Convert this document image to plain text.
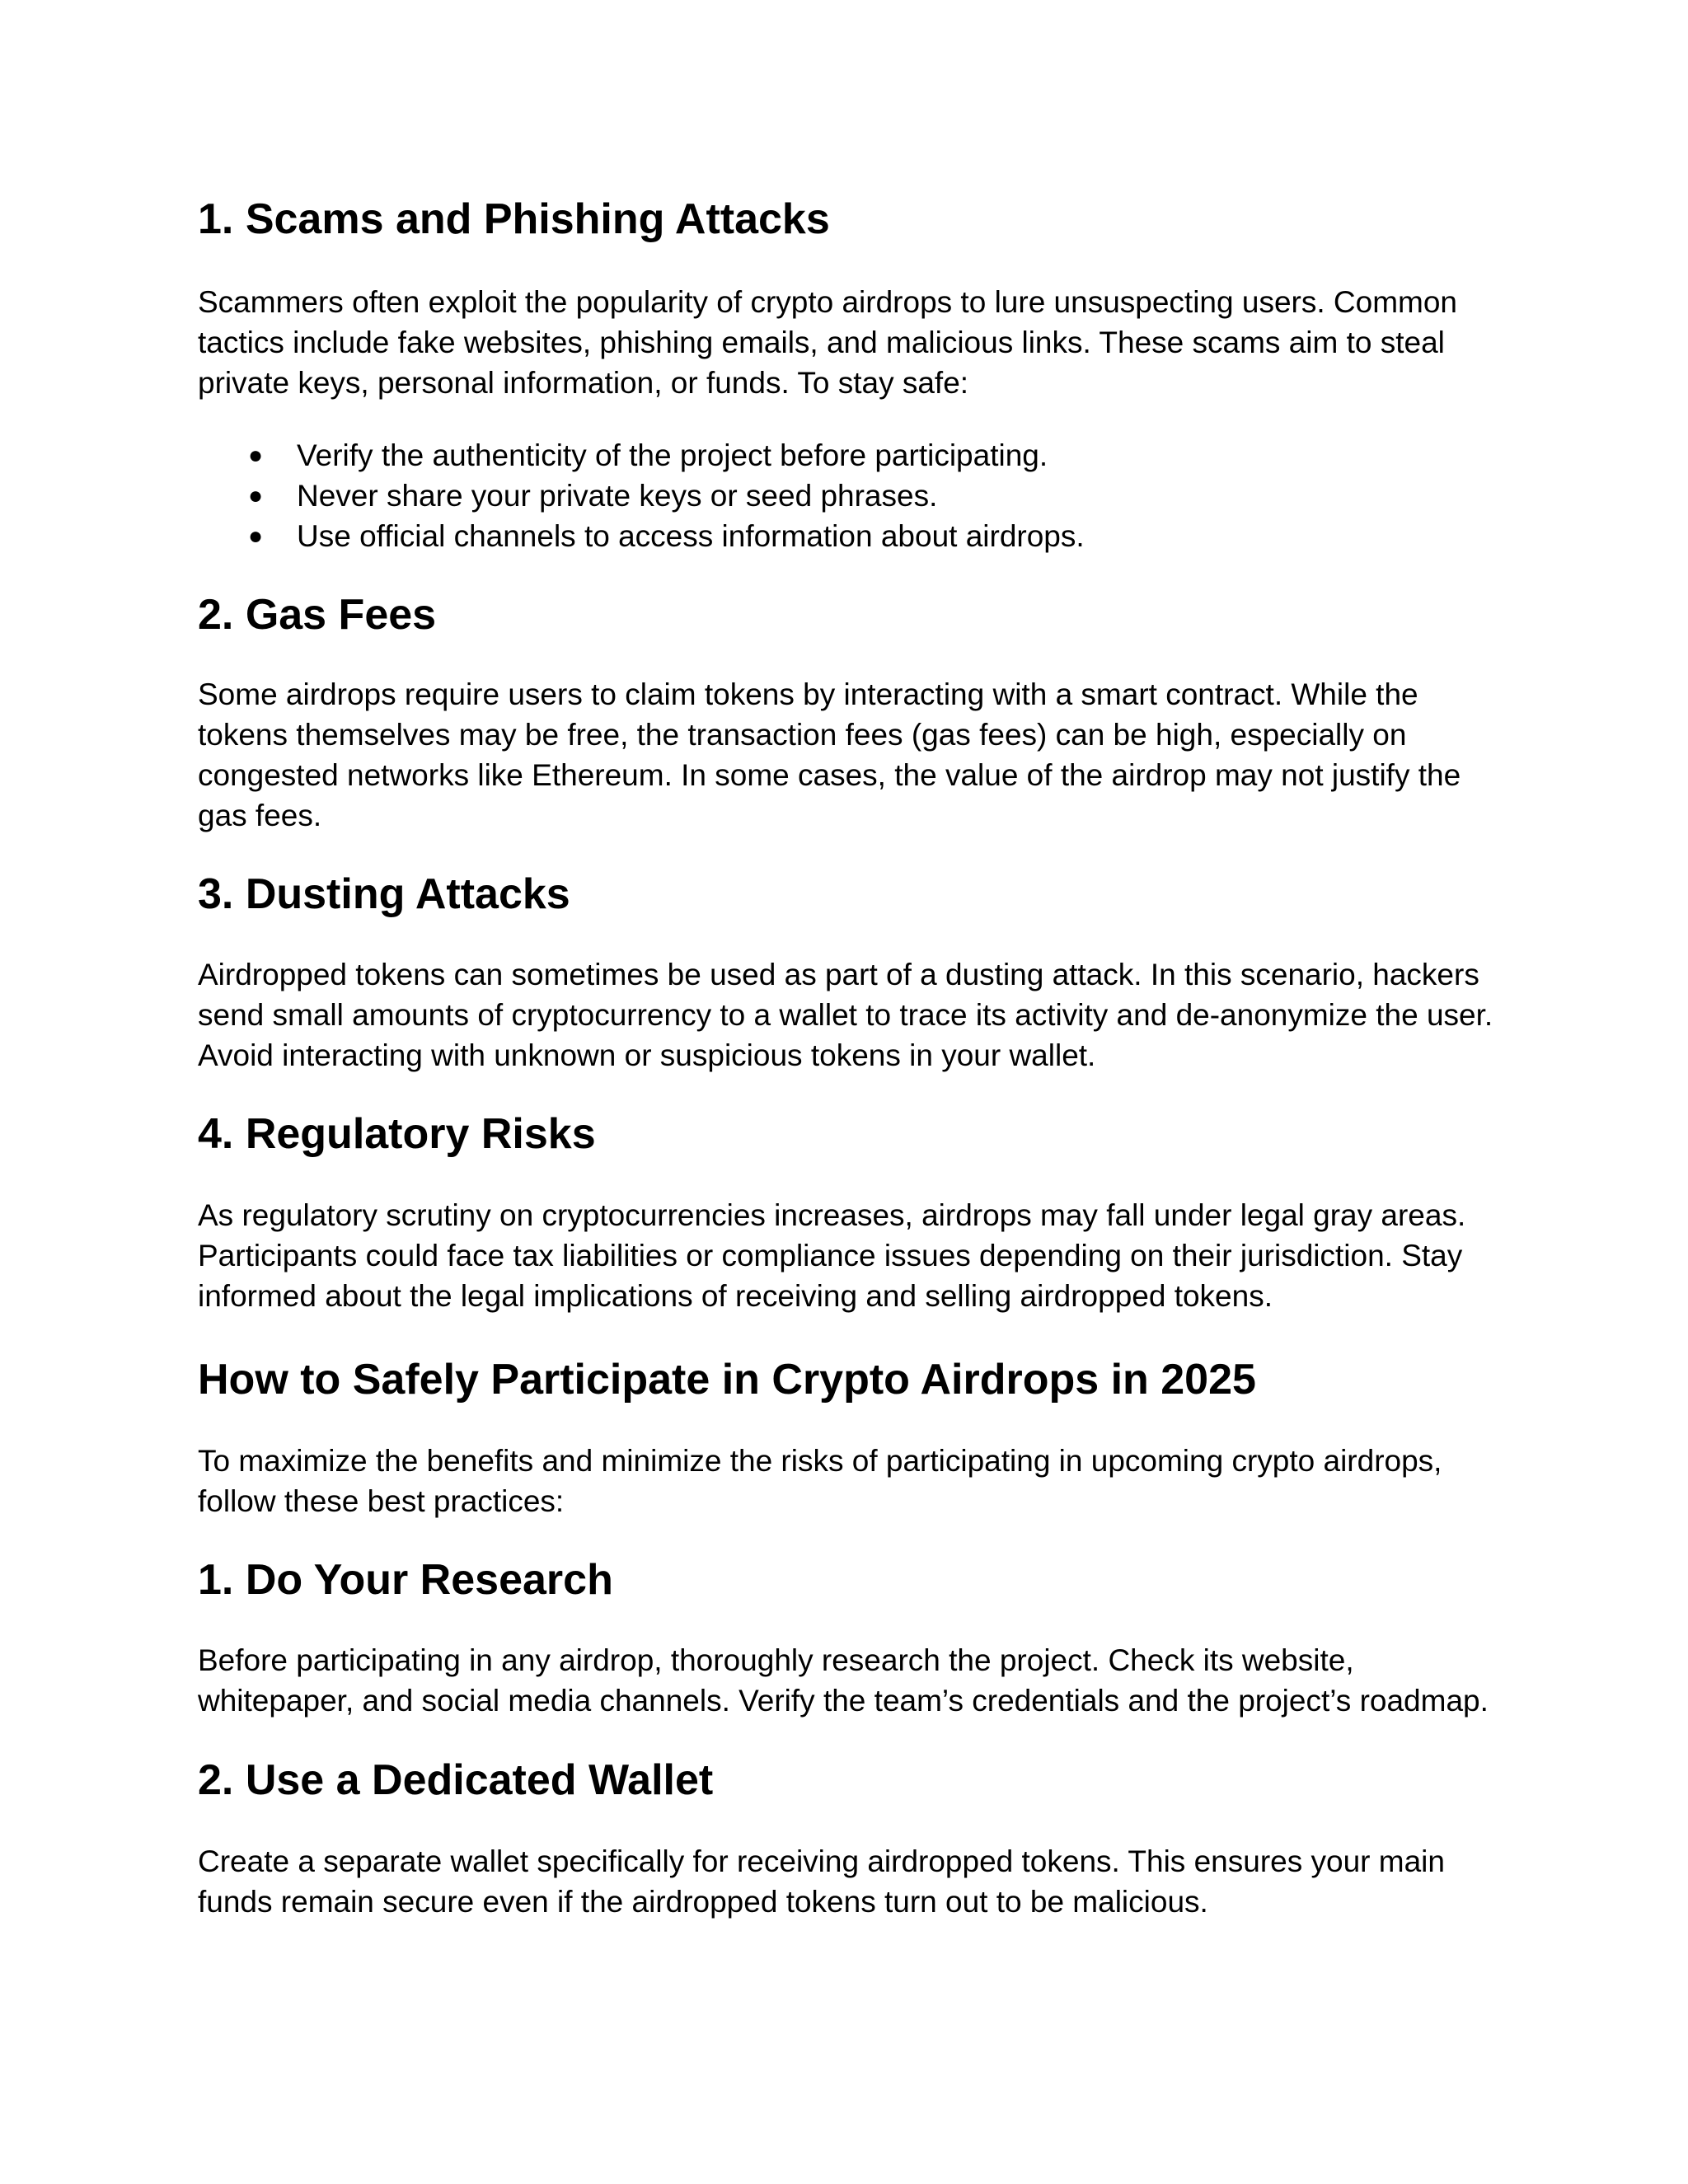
1. Scams and Phishing Attacks

Scammers often exploit the popularity of crypto airdrops to lure unsuspecting users. Common tactics include fake websites, phishing emails, and malicious links. These scams aim to steal private keys, personal information, or funds. To stay safe:

● Verify the authenticity of the project before participating.
● Never share your private keys or seed phrases.
● Use official channels to access information about airdrops.
2. Gas Fees

Some airdrops require users to claim tokens by interacting with a smart contract. While the tokens themselves may be free, the transaction fees (gas fees) can be high, especially on congested networks like Ethereum. In some cases, the value of the airdrop may not justify the gas fees.

3. Dusting Attacks

Airdropped tokens can sometimes be used as part of a dusting attack. In this scenario, hackers send small amounts of cryptocurrency to a wallet to trace its activity and de-anonymize the user. Avoid interacting with unknown or suspicious tokens in your wallet.

4. Regulatory Risks

As regulatory scrutiny on cryptocurrencies increases, airdrops may fall under legal gray areas. Participants could face tax liabilities or compliance issues depending on their jurisdiction. Stay informed about the legal implications of receiving and selling airdropped tokens.

How to Safely Participate in Crypto Airdrops in 2025

To maximize the benefits and minimize the risks of participating in upcoming crypto airdrops, follow these best practices:

1. Do Your Research

Before participating in any airdrop, thoroughly research the project. Check its website, whitepaper, and social media channels. Verify the team’s credentials and the project’s roadmap.

2. Use a Dedicated Wallet

Create a separate wallet specifically for receiving airdropped tokens. This ensures your main funds remain secure even if the airdropped tokens turn out to be malicious.
